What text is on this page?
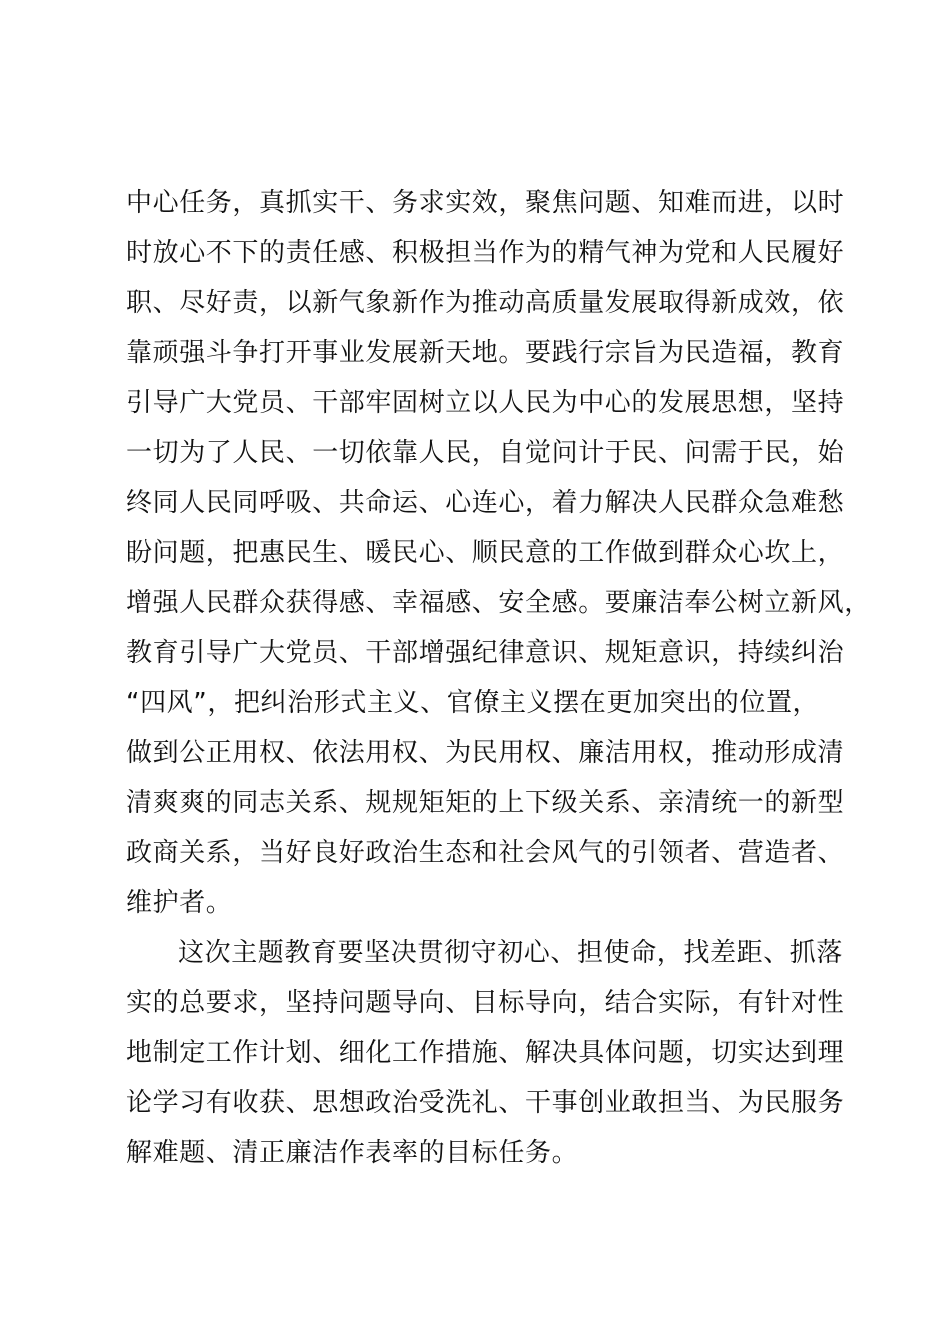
中心任务，真抓实干、务求实效，聚焦问题、知难而进，以时
时放心不下的责任感、积极担当作为的精气神为党和人民履好
职、尽好责，以新气象新作为推动高质量发展取得新成效，依
靠顽强斗争打开事业发展新天地。要践行宗旨为民造福，教育
引导广大党员、干部牢固树立以人民为中心的发展思想，坚持
一切为了人民、一切依靠人民，自觉问计于民、问需于民，始
终同人民同呼吸、共命运、心连心，着力解决人民群众急难愁
盼问题，把惠民生、暖民心、顺民意的工作做到群众心坎上，
增强人民群众获得感、幸福感、安全感。要廉洁奉公树立新风，
教育引导广大党员、干部增强纪律意识、规矩意识，持续纠治
“四风”，把纠治形式主义、官僚主义摆在更加突出的位置，
做到公正用权、依法用权、为民用权、廉洁用权，推动形成清
清爽爽的同志关系、规规矩矩的上下级关系、亲清统一的新型
政商关系，当好良好政治生态和社会风气的引领者、营造者、
维护者。
这次主题教育要坚决贯彻守初心、担使命，找差距、抓落
实的总要求，坚持问题导向、目标导向，结合实际，有针对性
地制定工作计划、细化工作措施、解决具体问题，切实达到理
论学习有收获、思想政治受洗礼、干事创业敢担当、为民服务
解难题、清正廉洁作表率的目标任务。
